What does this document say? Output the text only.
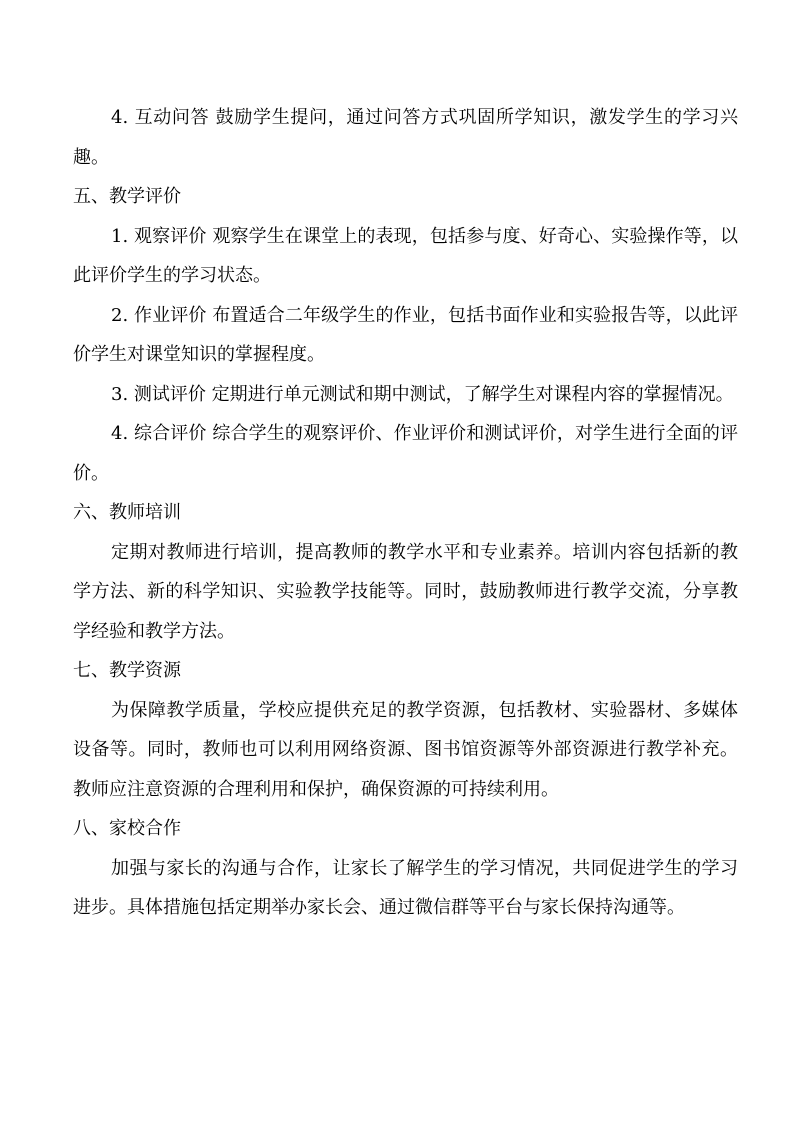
4. 互动问答 鼓励学生提问，通过问答方式巩固所学知识，激发学生的学习兴趣。

五、教学评价

1. 观察评价 观察学生在课堂上的表现，包括参与度、好奇心、实验操作等，以此评价学生的学习状态。

2. 作业评价 布置适合二年级学生的作业，包括书面作业和实验报告等，以此评价学生对课堂知识的掌握程度。

3. 测试评价 定期进行单元测试和期中测试，了解学生对课程内容的掌握情况。

4. 综合评价 综合学生的观察评价、作业评价和测试评价，对学生进行全面的评价。

六、教师培训

定期对教师进行培训，提高教师的教学水平和专业素养。培训内容包括新的教学方法、新的科学知识、实验教学技能等。同时，鼓励教师进行教学交流，分享教学经验和教学方法。

七、教学资源

为保障教学质量，学校应提供充足的教学资源，包括教材、实验器材、多媒体设备等。同时，教师也可以利用网络资源、图书馆资源等外部资源进行教学补充。教师应注意资源的合理利用和保护，确保资源的可持续利用。

八、家校合作

加强与家长的沟通与合作，让家长了解学生的学习情况，共同促进学生的学习进步。具体措施包括定期举办家长会、通过微信群等平台与家长保持沟通等。
